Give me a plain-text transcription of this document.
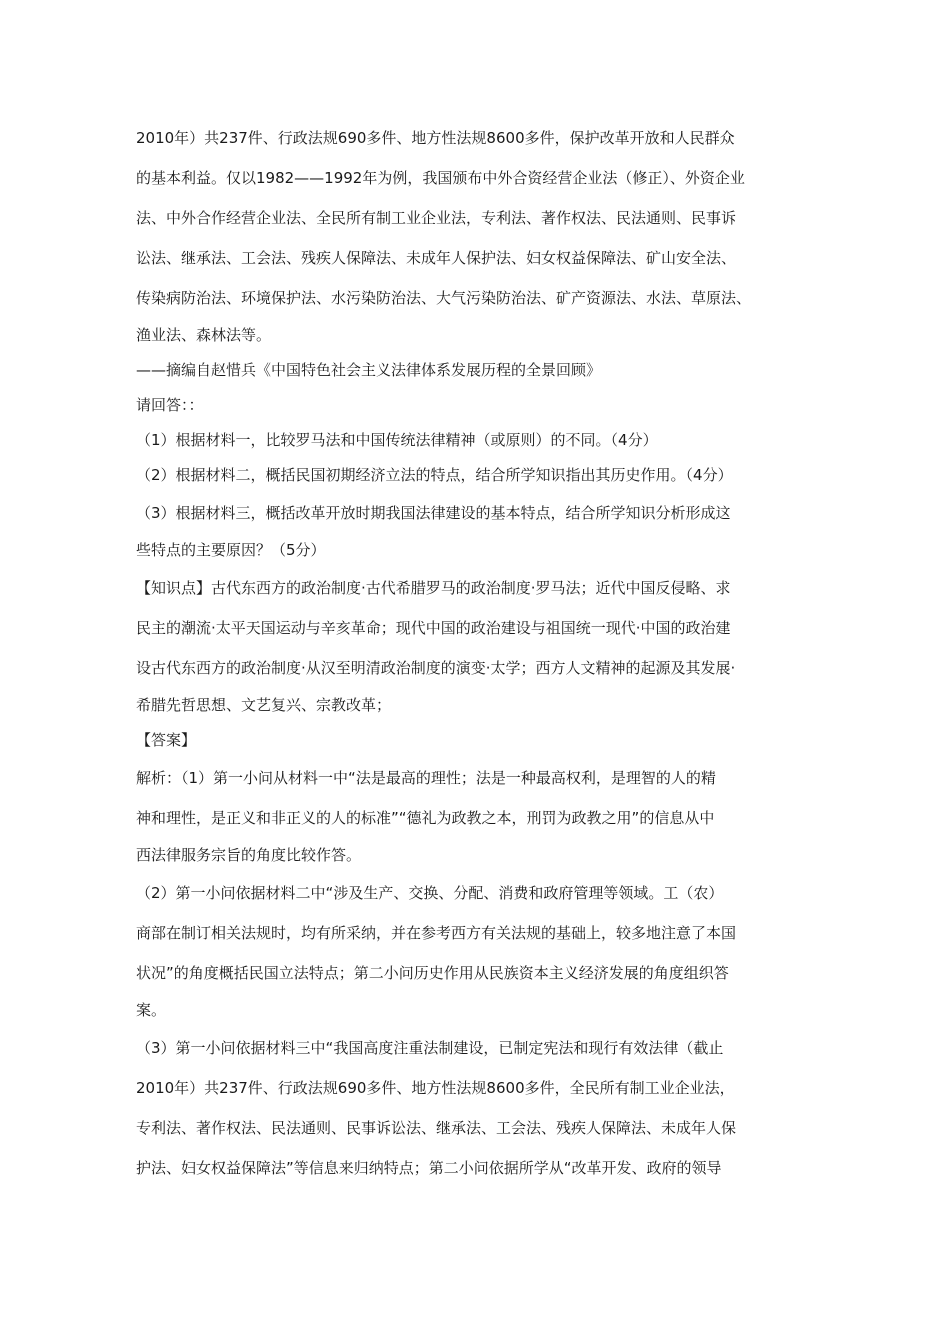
2010年）共237件、行政法规690多件、地方性法规8600多件，保护改革开放和人民群众
的基本利益。仅以1982——1992年为例，我国颁布中外合资经营企业法（修正）、外资企业
法、中外合作经营企业法、全民所有制工业企业法，专利法、著作权法、民法通则、民事诉
讼法、继承法、工会法、残疾人保障法、未成年人保护法、妇女权益保障法、矿山安全法、
传染病防治法、环境保护法、水污染防治法、大气污染防治法、矿产资源法、水法、草原法、
渔业法、森林法等。
——摘编自赵惜兵《中国特色社会主义法律体系发展历程的全景回顾》
请回答：：
（1）根据材料一，比较罗马法和中国传统法律精神（或原则）的不同。（4分）
（2）根据材料二，概括民国初期经济立法的特点，结合所学知识指出其历史作用。（4分）
（3）根据材料三，概括改革开放时期我国法律建设的基本特点，结合所学知识分析形成这
些特点的主要原因？（5分）
【知识点】古代东西方的政治制度·古代希腊罗马的政治制度·罗马法；近代中国反侵略、求
民主的潮流·太平天国运动与辛亥革命；现代中国的政治建设与祖国统一现代·中国的政治建
设古代东西方的政治制度·从汉至明清政治制度的演变·太学；西方人文精神的起源及其发展·
希腊先哲思想、文艺复兴、宗教改革；
【答案】
解析：（1）第一小问从材料一中“法是最高的理性；法是一种最高权利，是理智的人的精
神和理性，是正义和非正义的人的标准”“德礼为政教之本，刑罚为政教之用”的信息从中
西法律服务宗旨的角度比较作答。
（2）第一小问依据材料二中“涉及生产、交换、分配、消费和政府管理等领域。工（农）
商部在制订相关法规时，均有所采纳，并在参考西方有关法规的基础上，较多地注意了本国
状况”的角度概括民国立法特点；第二小问历史作用从民族资本主义经济发展的角度组织答
案。
（3）第一小问依据材料三中“我国高度注重法制建设，已制定宪法和现行有效法律（截止
2010年）共237件、行政法规690多件、地方性法规8600多件，全民所有制工业企业法，
专利法、著作权法、民法通则、民事诉讼法、继承法、工会法、残疾人保障法、未成年人保
护法、妇女权益保障法”等信息来归纳特点；第二小问依据所学从“改革开发、政府的领导
